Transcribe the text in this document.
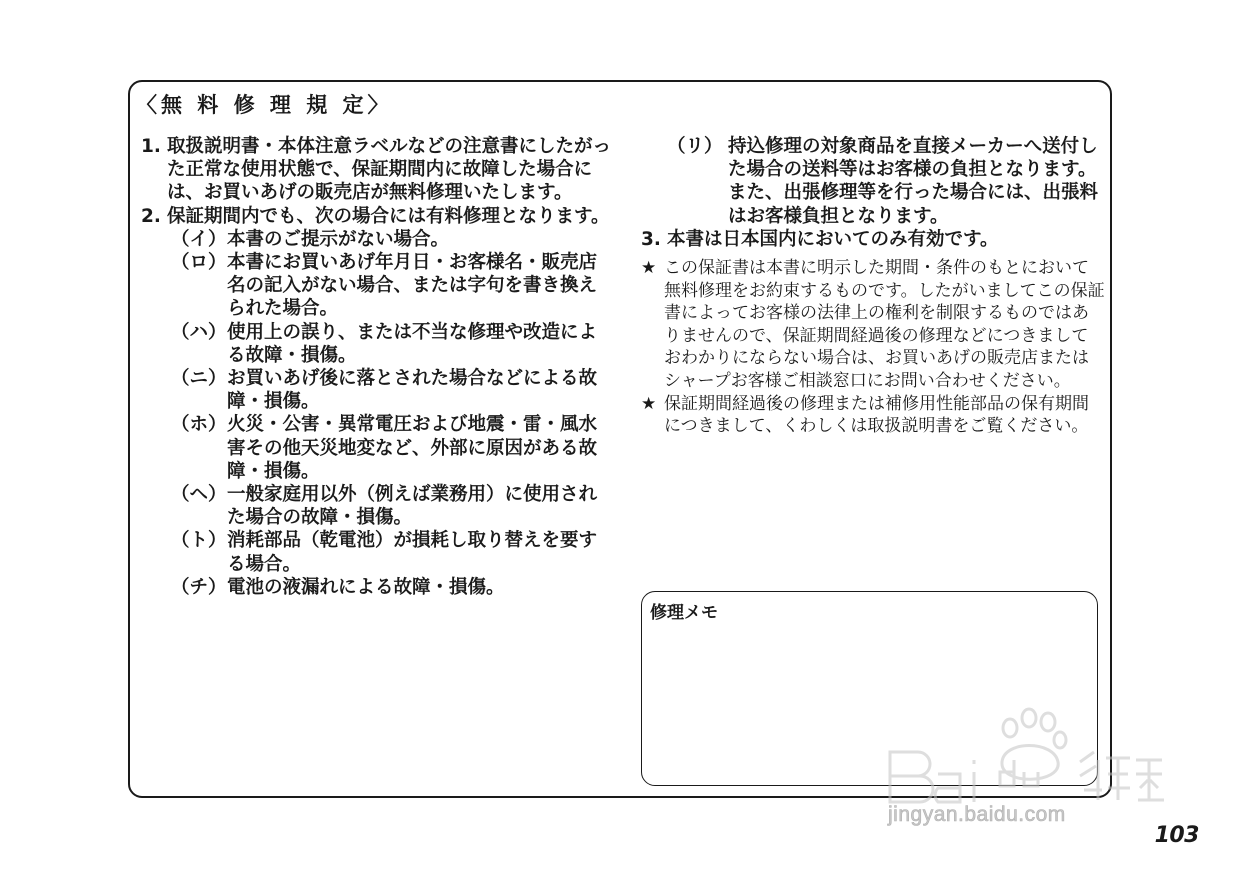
〈無 料 修 理 規 定〉
1. 取扱説明書・本体注意ラベルなどの注意書にしたがった正常な使用状態で、保証期間内に故障した場合には、お買いあげの販売店が無料修理いたします。
2. 保証期間内でも、次の場合には有料修理となります。
（イ） 本書のご提示がない場合。
（ロ） 本書にお買いあげ年月日・お客様名・販売店名の記入がない場合、または字句を書き換えられた場合。
（ハ） 使用上の誤り、または不当な修理や改造による故障・損傷。
（ニ） お買いあげ後に落とされた場合などによる故障・損傷。
（ホ） 火災・公害・異常電圧および地震・雷・風水害その他天災地変など、外部に原因がある故障・損傷。
（ヘ） 一般家庭用以外（例えば業務用）に使用された場合の故障・損傷。
（ト） 消耗部品（乾電池）が損耗し取り替えを要する場合。
（チ） 電池の液漏れによる故障・損傷。
（リ） 持込修理の対象商品を直接メーカーへ送付した場合の送料等はお客様の負担となります。また、出張修理等を行った場合には、出張料はお客様負担となります。
3. 本書は日本国内においてのみ有効です。
★ この保証書は本書に明示した期間・条件のもとにおいて無料修理をお約束するものです。したがいましてこの保証書によってお客様の法律上の権利を制限するものではありませんので、保証期間経過後の修理などにつきましておわかりにならない場合は、お買いあげの販売店またはシャープお客様ご相談窓口にお問い合わせください。
★ 保証期間経過後の修理または補修用性能部品の保有期間につきまして、くわしくは取扱説明書をご覧ください。
修理メモ
jingyan.baidu.com
103
